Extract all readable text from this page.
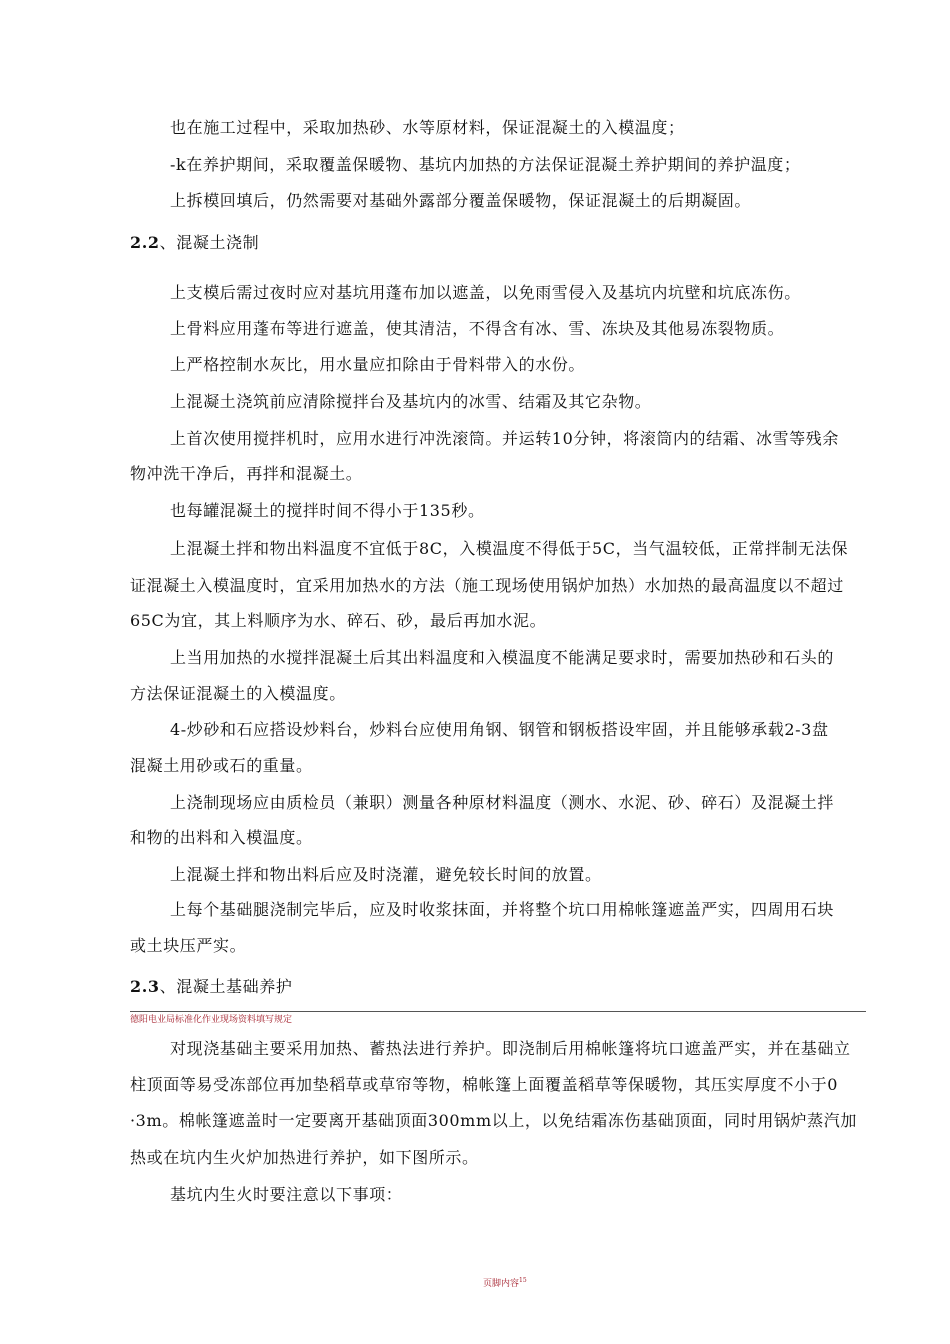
也在施工过程中，采取加热砂、水等原材料，保证混凝土的入模温度；
-k在养护期间，采取覆盖保暖物、基坑内加热的方法保证混凝土养护期间的养护温度；
上拆模回填后，仍然需要对基础外露部分覆盖保暖物，保证混凝土的后期凝固。
2.2、混凝土浇制
上支模后需过夜时应对基坑用蓬布加以遮盖，以免雨雪侵入及基坑内坑壁和坑底冻伤。
上骨料应用蓬布等进行遮盖，使其清洁，不得含有冰、雪、冻块及其他易冻裂物质。
上严格控制水灰比，用水量应扣除由于骨料带入的水份。
上混凝土浇筑前应清除搅拌台及基坑内的冰雪、结霜及其它杂物。
上首次使用搅拌机时，应用水进行冲洗滚筒。并运转10分钟，将滚筒内的结霜、冰雪等残余
物冲洗干净后，再拌和混凝土。
也每罐混凝土的搅拌时间不得小于135秒。
上混凝土拌和物出料温度不宜低于8C，入模温度不得低于5C，当气温较低，正常拌制无法保
证混凝土入模温度时，宜采用加热水的方法（施工现场使用锅炉加热）水加热的最高温度以不超过
65C为宜，其上料顺序为水、碎石、砂，最后再加水泥。
上当用加热的水搅拌混凝土后其出料温度和入模温度不能满足要求时，需要加热砂和石头的
方法保证混凝土的入模温度。
4-炒砂和石应搭设炒料台，炒料台应使用角钢、钢管和钢板搭设牢固，并且能够承载2-3盘
混凝土用砂或石的重量。
上浇制现场应由质检员（兼职）测量各种原材料温度（测水、水泥、砂、碎石）及混凝土拌
和物的出料和入模温度。
上混凝土拌和物出料后应及时浇灌，避免较长时间的放置。
上每个基础腿浇制完毕后，应及时收浆抹面，并将整个坑口用棉帐篷遮盖严实，四周用石块
或土块压严实。
2.3、混凝土基础养护
德阳电业局标准化作业现场资料填写规定
对现浇基础主要采用加热、蓄热法进行养护。即浇制后用棉帐篷将坑口遮盖严实，并在基础立
柱顶面等易受冻部位再加垫稻草或草帘等物，棉帐篷上面覆盖稻草等保暖物，其压实厚度不小于0
·3m。棉帐篷遮盖时一定要离开基础顶面300mm以上，以免结霜冻伤基础顶面，同时用锅炉蒸汽加
热或在坑内生火炉加热进行养护，如下图所示。
基坑内生火时要注意以下事项：
页脚内容$^{15}$
